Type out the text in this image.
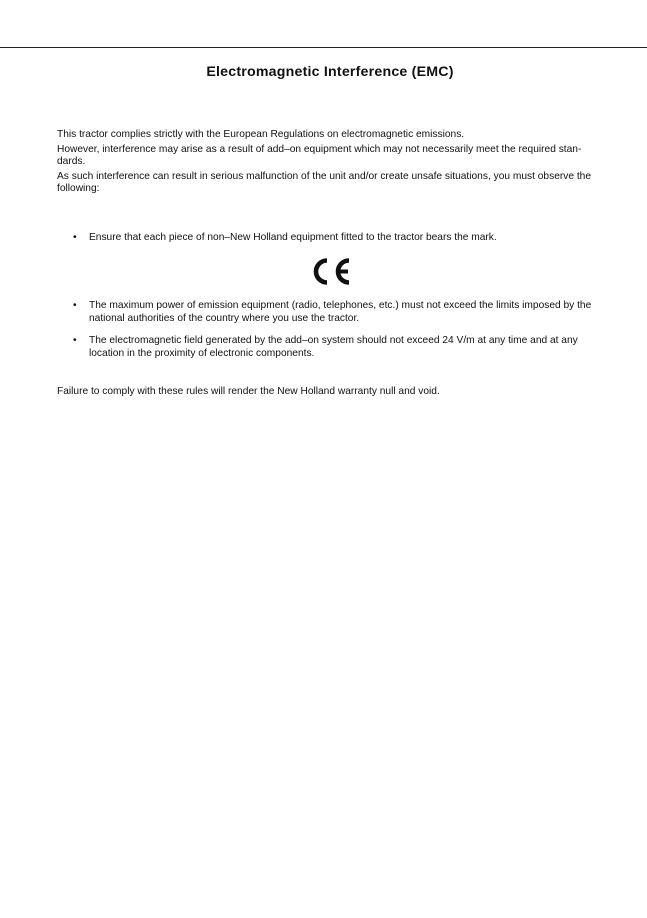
Electromagnetic Interference (EMC)

This tractor complies strictly with the European Regulations on electromagnetic emissions.

However, interference may arise as a result of add–on equipment which may not necessarily meet the required stan-dards.

As such interference can result in serious malfunction of the unit and/or create unsafe situations, you must observe the following:

• Ensure that each piece of non–New Holland equipment fitted to the tractor bears the mark.
• The maximum power of emission equipment (radio, telephones, etc.) must not exceed the limits imposed by the national authorities of the country where you use the tractor.
• The electromagnetic field generated by the add–on system should not exceed 24 V/m at any time and at any location in the proximity of electronic components.

Failure to comply with these rules will render the New Holland warranty null and void.
